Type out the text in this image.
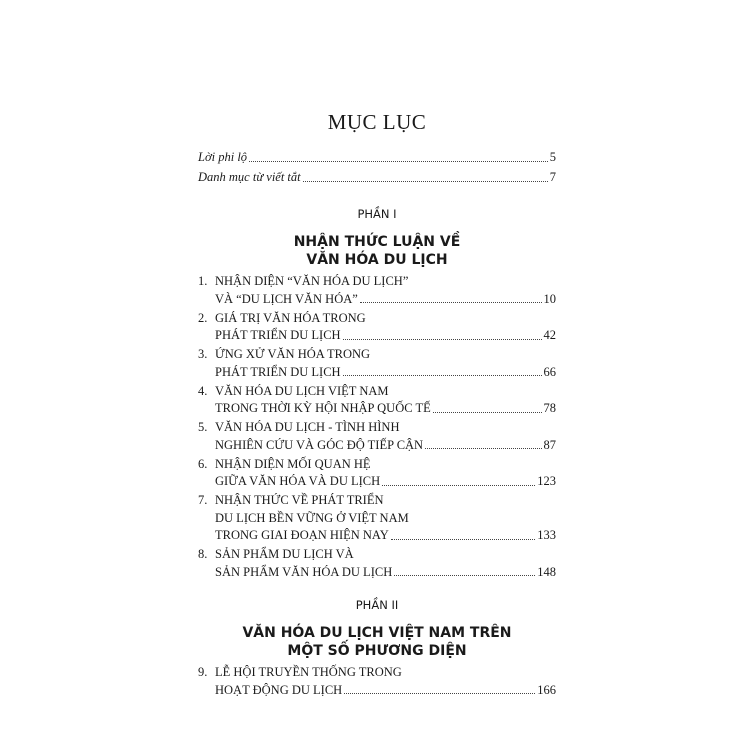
MỤC LỤC
Lời phi lộ	5
Danh mục từ viết tắt	7
PHẦN I
NHẬN THỨC LUẬN VỀ
VĂN HÓA DU LỊCH
1. NHẬN DIỆN “VĂN HÓA DU LỊCH”
VÀ “DU LỊCH VĂN HÓA”	10
2. GIÁ TRỊ VĂN HÓA TRONG
PHÁT TRIỂN DU LỊCH	42
3. ỨNG XỬ VĂN HÓA TRONG
PHÁT TRIỂN DU LỊCH	66
4. VĂN HÓA DU LỊCH VIỆT NAM
TRONG THỜI KỲ HỘI NHẬP QUỐC TẾ	78
5. VĂN HÓA DU LỊCH - TÌNH HÌNH
NGHIÊN CỨU VÀ GÓC ĐỘ TIẾP CẬN	87
6. NHẬN DIỆN MỐI QUAN HỆ
GIỮA VĂN HÓA VÀ DU LỊCH	123
7. NHẬN THỨC VỀ PHÁT TRIỂN
DU LỊCH BỀN VỮNG Ở VIỆT NAM
TRONG GIAI ĐOẠN HIỆN NAY	133
8. SẢN PHẨM DU LỊCH VÀ
SẢN PHẨM VĂN HÓA DU LỊCH	148
PHẦN II
VĂN HÓA DU LỊCH VIỆT NAM TRÊN
MỘT SỐ PHƯƠNG DIỆN
9. LỄ HỘI TRUYỀN THỐNG TRONG
HOẠT ĐỘNG DU LỊCH	166
